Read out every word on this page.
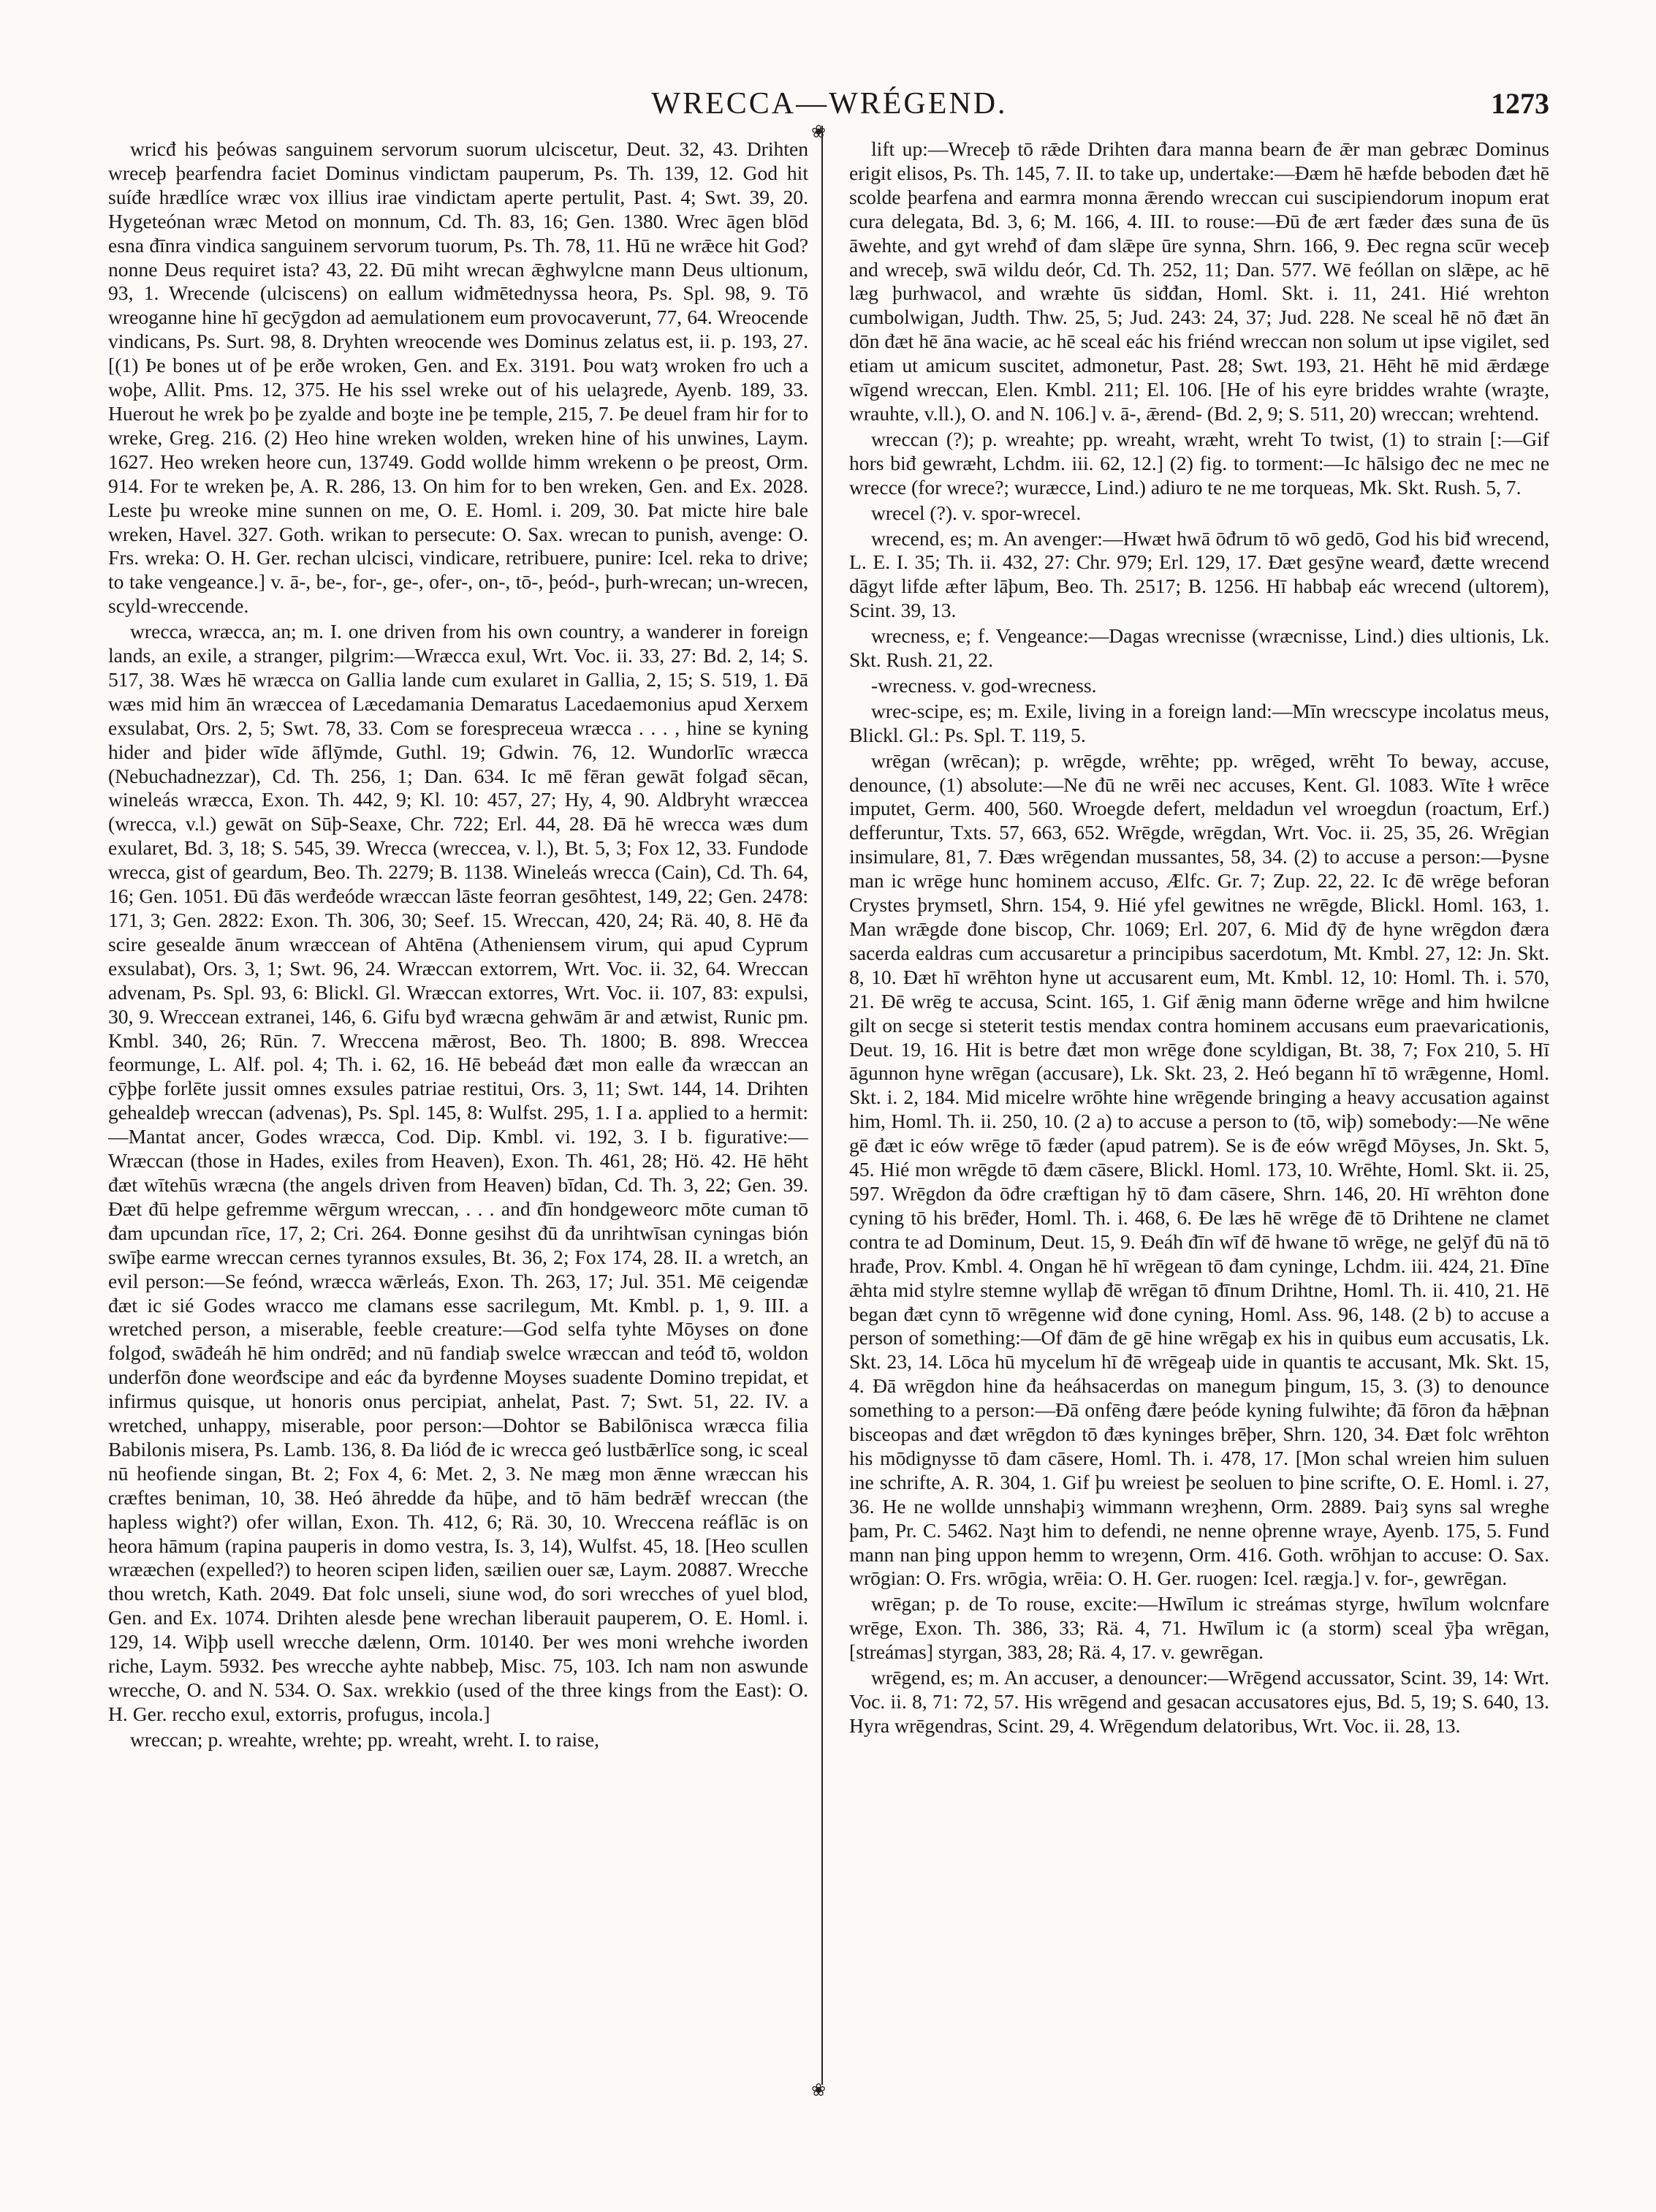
WRECCA—WRÉGEND.	1273
❀
❀
wricđ his þeówas sanguinem servorum suorum ulciscetur, Deut. 32, 43. Drihten wreceþ þearfendra faciet Dominus vindictam pauperum, Ps. Th. 139, 12. God hit suíđe hrædlíce wræc vox illius irae vindictam aperte pertulit, Past. 4; Swt. 39, 20. Hygeteónan wræc Metod on monnum, Cd. Th. 83, 16; Gen. 1380. Wrec āgen blōd esna đīnra vindica sanguinem servorum tuorum, Ps. Th. 78, 11. Hū ne wrǣce hit God? nonne Deus requiret ista? 43, 22. Đū miht wrecan ǣghwylcne mann Deus ultionum, 93, 1. Wrecende (ulciscens) on eallum wiđmētednyssa heora, Ps. Spl. 98, 9. Tō wreoganne hine hī gecȳgdon ad aemulationem eum provocaverunt, 77, 64. Wreocende vindicans, Ps. Surt. 98, 8. Dryhten wreocende wes Dominus zelatus est, ii. p. 193, 27. [(1) Þe bones ut of þe erðe wroken, Gen. and Ex. 3191. Þou watȝ wroken fro uch a woþe, Allit. Pms. 12, 375. He his ssel wreke out of his uelaȝrede, Ayenb. 189, 33. Huerout he wrek þo þe zyalde and boȝte ine þe temple, 215, 7. Þe deuel fram hir for to wreke, Greg. 216. (2) Heo hine wreken wolden, wreken hine of his unwines, Laym. 1627. Heo wreken heore cun, 13749. Godd wollde himm wrekenn o þe preost, Orm. 914. For te wreken þe, A. R. 286, 13. On him for to ben wreken, Gen. and Ex. 2028. Leste þu wreoke mine sunnen on me, O. E. Homl. i. 209, 30. Þat micte hire bale wreken, Havel. 327. Goth. wrikan to persecute: O. Sax. wrecan to punish, avenge: O. Frs. wreka: O. H. Ger. rechan ulcisci, vindicare, retribuere, punire: Icel. reka to drive; to take vengeance.] v. ā-, be-, for-, ge-, ofer-, on-, tō-, þeód-, þurh-wrecan; un-wrecen, scyld-wreccende.
wrecca, wræcca, an; m. I. one driven from his own country, a wanderer in foreign lands, an exile, a stranger, pilgrim:—Wræcca exul, Wrt. Voc. ii. 33, 27: Bd. 2, 14; S. 517, 38. Wæs hē wræcca on Gallia lande cum exularet in Gallia, 2, 15; S. 519, 1. Đā wæs mid him ān wræccea of Læcedamania Demaratus Lacedaemonius apud Xerxem exsulabat, Ors. 2, 5; Swt. 78, 33. Com se forespreceua wræcca . . . , hine se kyning hider and þider wīde āflȳmde, Guthl. 19; Gdwin. 76, 12. Wundorlīc wræcca (Nebuchadnezzar), Cd. Th. 256, 1; Dan. 634. Ic mē fēran gewāt folgađ sēcan, wineleás wræcca, Exon. Th. 442, 9; Kl. 10: 457, 27; Hy, 4, 90. Aldbryht wræccea (wrecca, v.l.) gewāt on Sūþ-Seaxe, Chr. 722; Erl. 44, 28. Đā hē wrecca wæs dum exularet, Bd. 3, 18; S. 545, 39. Wrecca (wreccea, v. l.), Bt. 5, 3; Fox 12, 33. Fundode wrecca, gist of geardum, Beo. Th. 2279; B. 1138. Wineleás wrecca (Cain), Cd. Th. 64, 16; Gen. 1051. Đū đās werđeóde wræccan lāste feorran gesōhtest, 149, 22; Gen. 2478: 171, 3; Gen. 2822: Exon. Th. 306, 30; Seef. 15. Wreccan, 420, 24; Rä. 40, 8. Hē đa scire gesealde ānum wræccean of Ahtēna (Atheniensem virum, qui apud Cyprum exsulabat), Ors. 3, 1; Swt. 96, 24. Wræccan extorrem, Wrt. Voc. ii. 32, 64. Wreccan advenam, Ps. Spl. 93, 6: Blickl. Gl. Wræccan extorres, Wrt. Voc. ii. 107, 83: expulsi, 30, 9. Wreccean extranei, 146, 6. Gifu byđ wræcna gehwām ār and ætwist, Runic pm. Kmbl. 340, 26; Rūn. 7. Wreccena mǣrost, Beo. Th. 1800; B. 898. Wreccea feormunge, L. Alf. pol. 4; Th. i. 62, 16. Hē bebeád đæt mon ealle đa wræccan an cȳþþe forlēte jussit omnes exsules patriae restitui, Ors. 3, 11; Swt. 144, 14. Drihten gehealdeþ wreccan (advenas), Ps. Spl. 145, 8: Wulfst. 295, 1. I a. applied to a hermit:—Mantat ancer, Godes wræcca, Cod. Dip. Kmbl. vi. 192, 3. I b. figurative:—Wræccan (those in Hades, exiles from Heaven), Exon. Th. 461, 28; Hö. 42. Hē hēht đæt wītehūs wræcna (the angels driven from Heaven) bīdan, Cd. Th. 3, 22; Gen. 39. Đæt đū helpe gefremme wērgum wreccan, . . . and đīn hondgeweorc mōte cuman tō đam upcundan rīce, 17, 2; Cri. 264. Đonne gesihst đū đa unrihtwīsan cyningas bión swīþe earme wreccan cernes tyrannos exsules, Bt. 36, 2; Fox 174, 28. II. a wretch, an evil person:—Se feónd, wræcca wǣrleás, Exon. Th. 263, 17; Jul. 351. Mē ceigendæ đæt ic sié Godes wracco me clamans esse sacrilegum, Mt. Kmbl. p. 1, 9. III. a wretched person, a miserable, feeble creature:—God selfa tyhte Mōyses on đone folgođ, swāđeáh hē him ondrēd; and nū fandiaþ swelce wræccan and teóđ tō, woldon underfōn đone weorđscipe and eác đa byrđenne Moyses suadente Domino trepidat, et infirmus quisque, ut honoris onus percipiat, anhelat, Past. 7; Swt. 51, 22. IV. a wretched, unhappy, miserable, poor person:—Dohtor se Babilōnisca wræcca filia Babilonis misera, Ps. Lamb. 136, 8. Đa liód đe ic wrecca geó lustbǣrlīce song, ic sceal nū heofiende singan, Bt. 2; Fox 4, 6: Met. 2, 3. Ne mæg mon ǣnne wræccan his cræftes beniman, 10, 38. Heó āhredde đa hūþe, and tō hām bedrǣf wreccan (the hapless wight?) ofer willan, Exon. Th. 412, 6; Rä. 30, 10. Wreccena reáflāc is on heora hāmum (rapina pauperis in domo vestra, Is. 3, 14), Wulfst. 45, 18. [Heo scullen wrææchen (expelled?) to heoren scipen liđen, sæilien ouer sæ, Laym. 20887. Wrecche thou wretch, Kath. 2049. Đat folc unseli, siune wod, đo sori wrecches of yuel blod, Gen. and Ex. 1074. Drihten alesde þene wrechan liberauit pauperem, O. E. Homl. i. 129, 14. Wiþþ usell wrecche dælenn, Orm. 10140. Þer wes moni wrehche iworden riche, Laym. 5932. Þes wrecche ayhte nabbeþ, Misc. 75, 103. Ich nam non aswunde wrecche, O. and N. 534. O. Sax. wrekkio (used of the three kings from the East): O. H. Ger. reccho exul, extorris, profugus, incola.]
wreccan; p. wreahte, wrehte; pp. wreaht, wreht. I. to raise,
lift up:—Wreceþ tō rǣde Drihten đara manna bearn đe ǣr man gebræc Dominus erigit elisos, Ps. Th. 145, 7. II. to take up, undertake:—Đæm hē hæfde beboden đæt hē scolde þearfena and earmra monna ǣrendo wreccan cui suscipiendorum inopum erat cura delegata, Bd. 3, 6; M. 166, 4. III. to rouse:—Đū đe ært fæder đæs suna đe ūs āwehte, and gyt wrehđ of đam slǣpe ūre synna, Shrn. 166, 9. Đec regna scūr weceþ and wreceþ, swā wildu deór, Cd. Th. 252, 11; Dan. 577. Wē feóllan on slǣpe, ac hē læg þurhwacol, and wræhte ūs siđđan, Homl. Skt. i. 11, 241. Hié wrehton cumbolwigan, Judth. Thw. 25, 5; Jud. 243: 24, 37; Jud. 228. Ne sceal hē nō đæt ān dōn đæt hē āna wacie, ac hē sceal eác his friénd wreccan non solum ut ipse vigilet, sed etiam ut amicum suscitet, admonetur, Past. 28; Swt. 193, 21. Hēht hē mid ǣrdæge wīgend wreccan, Elen. Kmbl. 211; El. 106. [He of his eyre briddes wrahte (wraȝte, wrauhte, v.ll.), O. and N. 106.] v. ā-, ǣrend- (Bd. 2, 9; S. 511, 20) wreccan; wrehtend.
wreccan (?); p. wreahte; pp. wreaht, wræht, wreht To twist, (1) to strain [:—Gif hors biđ gewræht, Lchdm. iii. 62, 12.] (2) fig. to torment:—Ic hālsigo đec ne mec ne wrecce (for wrece?; wuræcce, Lind.) adiuro te ne me torqueas, Mk. Skt. Rush. 5, 7.
wrecel (?). v. spor-wrecel.
wrecend, es; m. An avenger:—Hwæt hwā ōđrum tō wō gedō, God his biđ wrecend, L. E. I. 35; Th. ii. 432, 27: Chr. 979; Erl. 129, 17. Đæt gesȳne wearđ, đætte wrecend dāgyt lifde æfter lāþum, Beo. Th. 2517; B. 1256. Hī habbaþ eác wrecend (ultorem), Scint. 39, 13.
wrecness, e; f. Vengeance:—Dagas wrecnisse (wræcnisse, Lind.) dies ultionis, Lk. Skt. Rush. 21, 22.
-wrecness. v. god-wrecness.
wrec-scipe, es; m. Exile, living in a foreign land:—Mīn wrecscype incolatus meus, Blickl. Gl.: Ps. Spl. T. 119, 5.
wrēgan (wrēcan); p. wrēgde, wrēhte; pp. wrēged, wrēht To beway, accuse, denounce, (1) absolute:—Ne đū ne wrēi nec accuses, Kent. Gl. 1083. Wīte ł wrēce imputet, Germ. 400, 560. Wroegde defert, meldadun vel wroegdun (roactum, Erf.) defferuntur, Txts. 57, 663, 652. Wrēgde, wrēgdan, Wrt. Voc. ii. 25, 35, 26. Wrēgian insimulare, 81, 7. Đæs wrēgendan mussantes, 58, 34. (2) to accuse a person:—Þysne man ic wrēge hunc hominem accuso, Ælfc. Gr. 7; Zup. 22, 22. Ic đē wrēge beforan Crystes þrymsetl, Shrn. 154, 9. Hié yfel gewitnes ne wrēgde, Blickl. Homl. 163, 1. Man wrǣgde đone biscop, Chr. 1069; Erl. 207, 6. Mid đȳ đe hyne wrēgdon đæra sacerda ealdras cum accusaretur a principibus sacerdotum, Mt. Kmbl. 27, 12: Jn. Skt. 8, 10. Đæt hī wrēhton hyne ut accusarent eum, Mt. Kmbl. 12, 10: Homl. Th. i. 570, 21. Đē wrēg te accusa, Scint. 165, 1. Gif ǣnig mann ōđerne wrēge and him hwilcne gilt on secge si steterit testis mendax contra hominem accusans eum praevaricationis, Deut. 19, 16. Hit is betre đæt mon wrēge đone scyldigan, Bt. 38, 7; Fox 210, 5. Hī āgunnon hyne wrēgan (accusare), Lk. Skt. 23, 2. Heó begann hī tō wrǣgenne, Homl. Skt. i. 2, 184. Mid micelre wrōhte hine wrēgende bringing a heavy accusation against him, Homl. Th. ii. 250, 10. (2 a) to accuse a person to (tō, wiþ) somebody:—Ne wēne gē đæt ic eów wrēge tō fæder (apud patrem). Se is đe eów wrēgđ Mōyses, Jn. Skt. 5, 45. Hié mon wrēgde tō đæm cāsere, Blickl. Homl. 173, 10. Wrēhte, Homl. Skt. ii. 25, 597. Wrēgdon đa ōđre cræftigan hȳ tō đam cāsere, Shrn. 146, 20. Hī wrēhton đone cyning tō his brēđer, Homl. Th. i. 468, 6. Đe læs hē wrēge đē tō Drihtene ne clamet contra te ad Dominum, Deut. 15, 9. Đeáh đīn wīf đē hwane tō wrēge, ne gelȳf đū nā tō hrađe, Prov. Kmbl. 4. Ongan hē hī wrēgean tō đam cyninge, Lchdm. iii. 424, 21. Đīne ǣhta mid stylre stemne wyllaþ đē wrēgan tō đīnum Drihtne, Homl. Th. ii. 410, 21. Hē began đæt cynn tō wrēgenne wiđ đone cyning, Homl. Ass. 96, 148. (2 b) to accuse a person of something:—Of đām đe gē hine wrēgaþ ex his in quibus eum accusatis, Lk. Skt. 23, 14. Lōca hū mycelum hī đē wrēgeaþ uide in quantis te accusant, Mk. Skt. 15, 4. Đā wrēgdon hine đa heáhsacerdas on manegum þingum, 15, 3. (3) to denounce something to a person:—Đā onfēng đære þeóde kyning fulwihte; đā fōron đa hǣþnan bisceopas and đæt wrēgdon tō đæs kyninges brēþer, Shrn. 120, 34. Đæt folc wrēhton his mōdignysse tō đam cāsere, Homl. Th. i. 478, 17. [Mon schal wreien him suluen ine schrifte, A. R. 304, 1. Gif þu wreiest þe seoluen to þine scrifte, O. E. Homl. i. 27, 36. He ne wollde unnshaþiȝ wimmann wreȝhenn, Orm. 2889. Þaiȝ syns sal wreghe þam, Pr. C. 5462. Naȝt him to defendi, ne nenne oþrenne wraye, Ayenb. 175, 5. Fund mann nan þing uppon hemm to wreȝenn, Orm. 416. Goth. wrōhjan to accuse: O. Sax. wrōgian: O. Frs. wrōgia, wrēia: O. H. Ger. ruogen: Icel. rægja.] v. for-, gewrēgan.
wrēgan; p. de To rouse, excite:—Hwīlum ic streámas styrge, hwīlum wolcnfare wrēge, Exon. Th. 386, 33; Rä. 4, 71. Hwīlum ic (a storm) sceal ȳþa wrēgan, [streámas] styrgan, 383, 28; Rä. 4, 17. v. gewrēgan.
wrēgend, es; m. An accuser, a denouncer:—Wrēgend accussator, Scint. 39, 14: Wrt. Voc. ii. 8, 71: 72, 57. His wrēgend and gesacan accusatores ejus, Bd. 5, 19; S. 640, 13. Hyra wrēgendras, Scint. 29, 4. Wrēgendum delatoribus, Wrt. Voc. ii. 28, 13.
